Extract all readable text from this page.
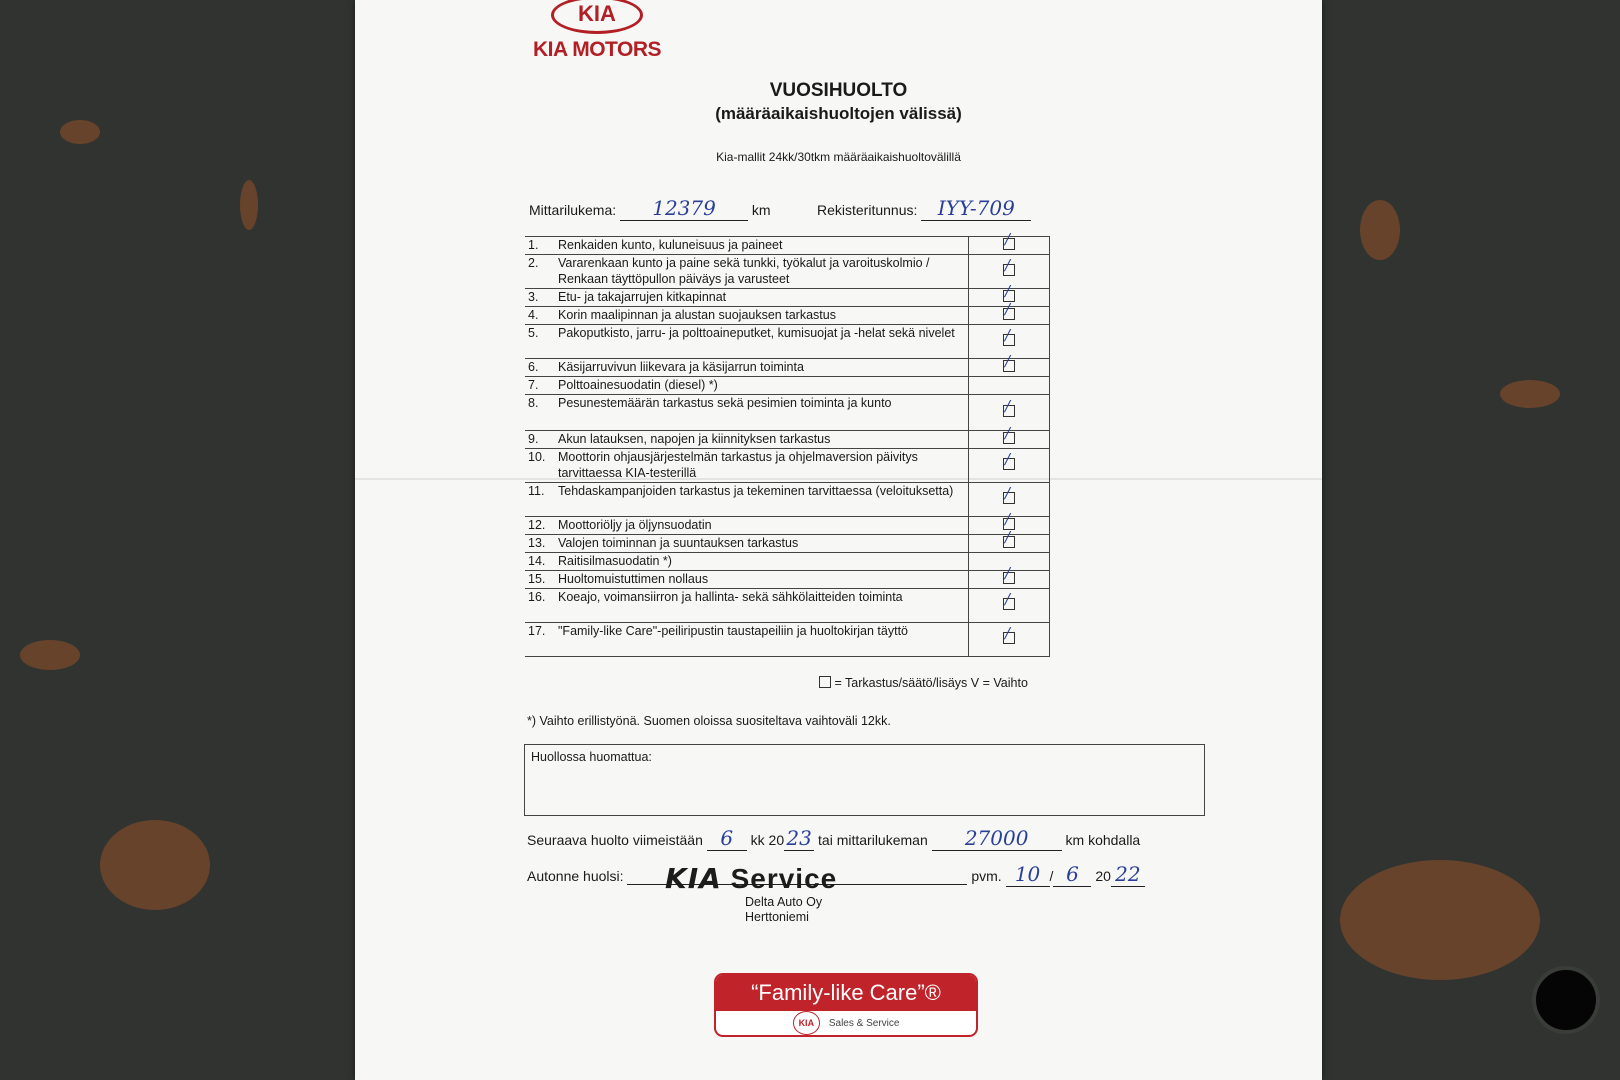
KIA
KIA MOTORS
VUOSIHUOLTO
(määräaikaishuoltojen välissä)
Kia-mallit 24kk/30tkm määräaikaishuoltovälillä
Mittarilukema: 12379	km	Rekisteritunnus: IYY-709
1.	Renkaiden kunto, kuluneisuus ja paineet	/

2.	Vararenkaan kunto ja paine sekä tunkki, työkalut ja varoituskolmio / Renkaan täyttöpullon päiväys ja varusteet	/

3.	Etu- ja takajarrujen kitkapinnat	/

4.	Korin maalipinnan ja alustan suojauksen tarkastus	/

5.	Pakoputkisto, jarru- ja polttoaineputket, kumisuojat ja -helat sekä nivelet	/

6.	Käsijarruvivun liikevara ja käsijarrun toiminta	/

7.	Polttoainesuodatin (diesel) *)	
8.	Pesunestemäärän tarkastus sekä pesimien toiminta ja kunto	/

9.	Akun latauksen, napojen ja kiinnityksen tarkastus	/

10.	Moottorin ohjausjärjestelmän tarkastus ja ohjelmaversion päivitys tarvittaessa KIA-testerillä	/

11.	Tehdaskampanjoiden tarkastus ja tekeminen tarvittaessa (veloituksetta)	/

12.	Moottoriöljy ja öljynsuodatin	/

13.	Valojen toiminnan ja suuntauksen tarkastus	/

14.	Raitisilmasuodatin *)	
15.	Huoltomuistuttimen nollaus	/

16.	Koeajo, voimansiirron ja hallinta- sekä sähkölaitteiden toiminta	/

17.	"Family-like Care"-peiliripustin taustapeiliin ja huoltokirjan täyttö	/
= Tarkastus/säätö/lisäys V = Vaihto
*) Vaihto erillistyönä. Suomen oloissa suositeltava vaihtoväli 12kk.
Huollossa huomattua:
Seuraava huolto viimeistään 6 kk 20 23 tai mittarilukeman 27000	km kohdalla
Autonne huolsi:	pvm. 10 / 6 20 22
KIA Service
Delta Auto Oy
Herttoniemi
“Family-like Care”®
KIA Sales & Service
